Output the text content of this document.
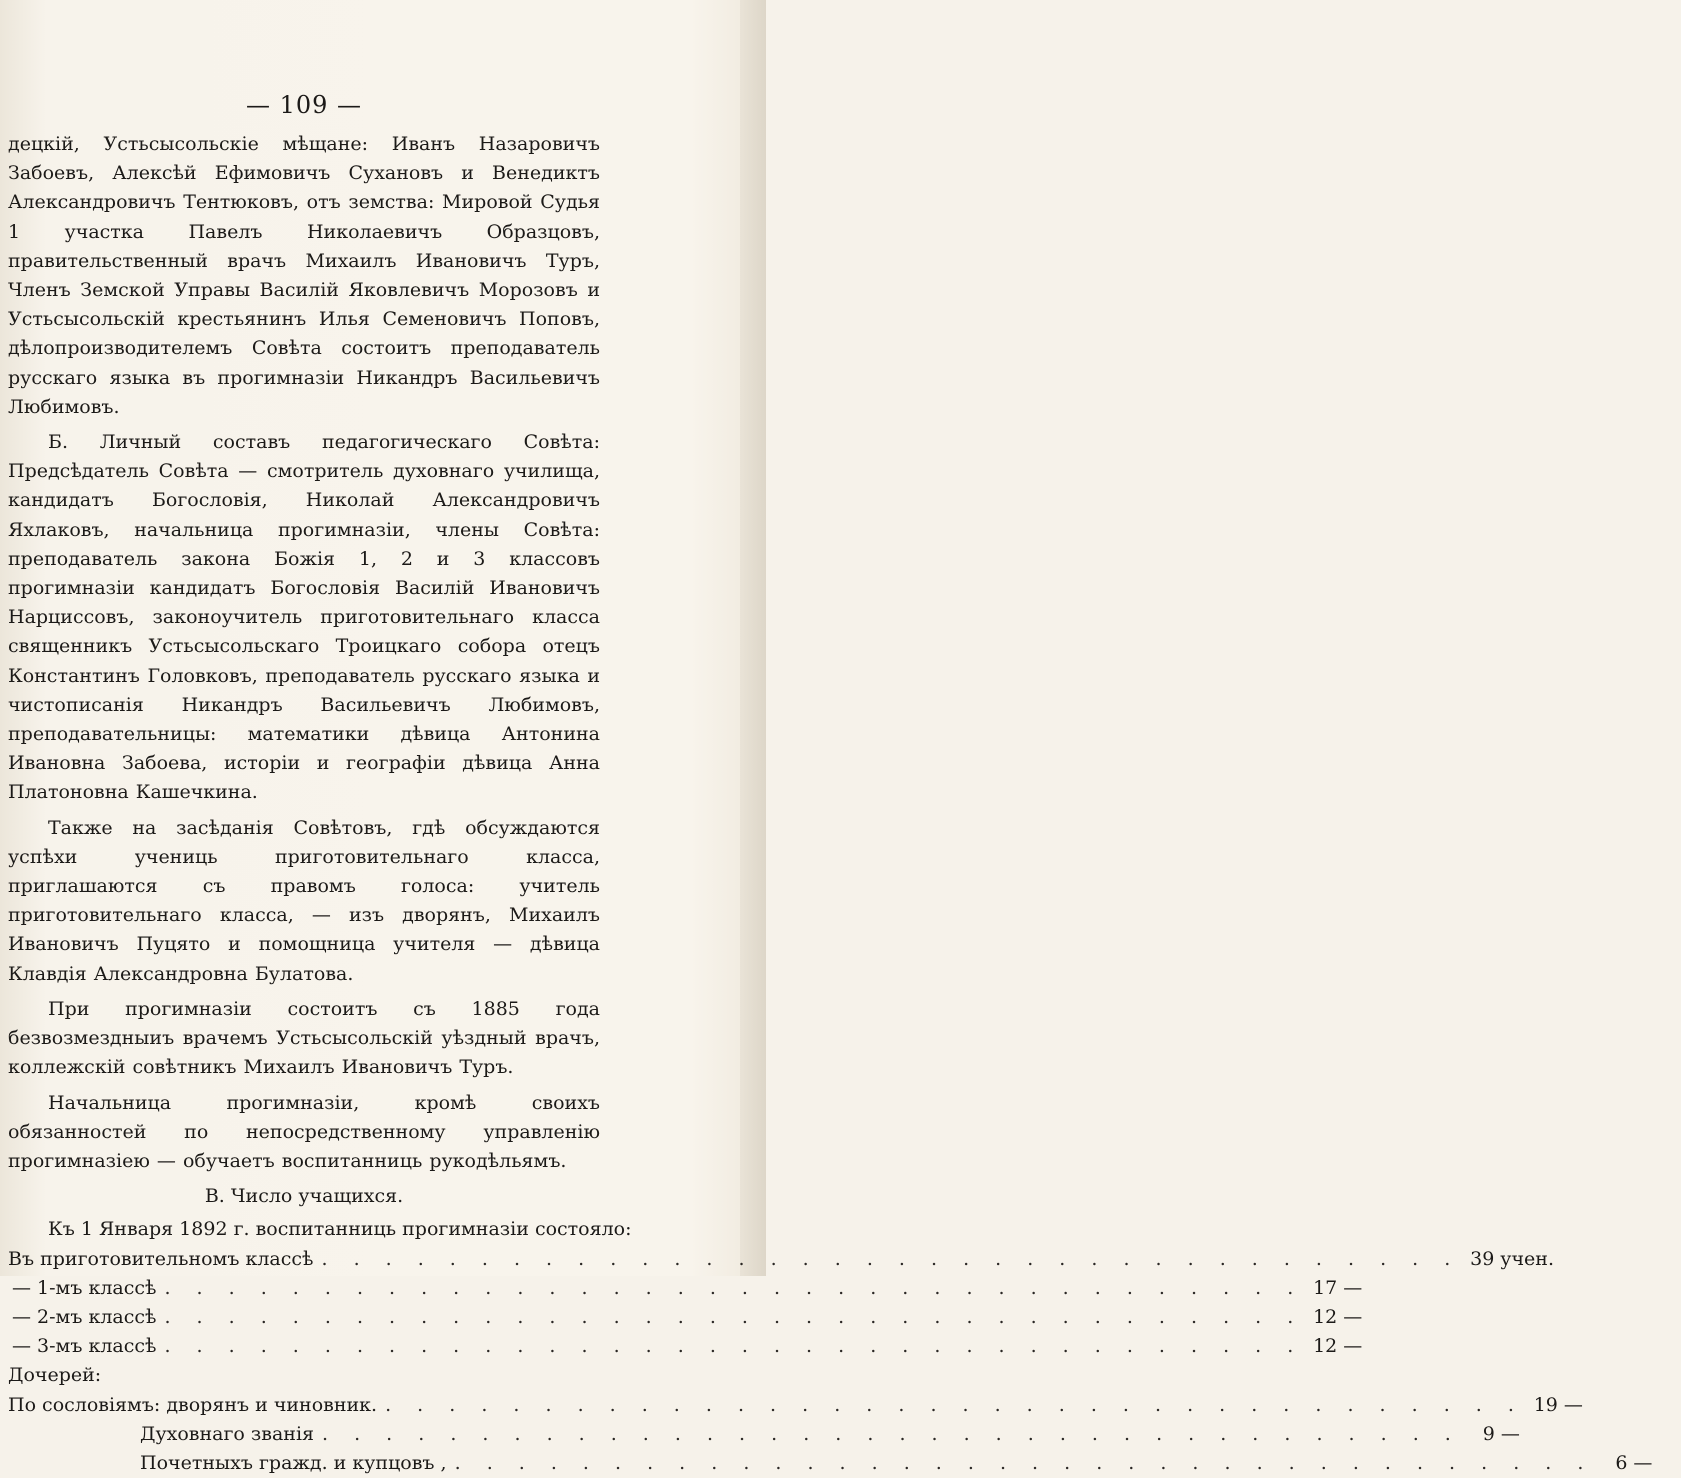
— 109 —

децкій, Устьсысольскіе мѣщане: Иванъ Назаровичъ Забоевъ, Алексѣй Ефимовичъ Сухановъ и Венедиктъ Александровичъ Тентюковъ, отъ земства: Мировой Судья 1 участка Павелъ Николаевичъ Образцовъ, правительственный врачъ Михаилъ Ивановичъ Туръ, Членъ Земской Управы Василій Яковлевичъ Морозовъ и Устьсысольскій крестьянинъ Илья Семеновичъ Поповъ, дѣлопроизводителемъ Совѣта состоитъ преподаватель русскаго языка въ прогимназіи Никандръ Васильевичъ Любимовъ.

Б. Личный составъ педагогическаго Совѣта: Предсѣдатель Совѣта — смотритель духовнаго училища, кандидатъ Богословія, Николай Александровичъ Яхлаковъ, начальница прогимназіи, члены Совѣта: преподаватель закона Божія 1, 2 и 3 классовъ прогимназіи кандидатъ Богословія Василій Ивановичъ Нарциссовъ, законоучитель приготовительнаго класса священникъ Устьсысольскаго Троицкаго собора отецъ Константинъ Головковъ, преподаватель русскаго языка и чистописанія Никандръ Васильевичъ Любимовъ, преподавательницы: математики дѣвица Антонина Ивановна Забоева, исторіи и географіи дѣвица Анна Платоновна Кашечкина.

Также на засѣданія Совѣтовъ, гдѣ обсуждаются успѣхи учениць приготовительнаго класса, приглашаются съ правомъ голоса: учитель приготовительнаго класса, — изъ дворянъ, Михаилъ Ивановичъ Пуцято и помощница учителя — дѣвица Клавдія Александровна Булатова.

При прогимназіи состоитъ съ 1885 года безвозмездныиъ врачемъ Устьсысольскій уѣздный врачъ, коллежскій совѣтникъ Михаилъ Ивановичъ Туръ.

Начальница прогимназіи, кромѣ своихъ обязанностей по непосредственному управленію прогимназіею — обучаетъ воспитанниць рукодѣльямъ.

В. Число учащихся.
Къ 1 Января 1892 г. воспитанниць прогимназіи состояло:
Въ приготовительномъ классѣ . . .	39 учен.
— 1-мъ классѣ . . .	17 —
— 2-мъ классѣ . . .	12 —
— 3-мъ классѣ . . .	12 —
Дочерей:
По сословіямъ: дворянъ и чиновник. . . .	19 —
Духовнаго званія . . .	9 —
Почетныхъ гражд. и купцовъ , . . .	6 —
